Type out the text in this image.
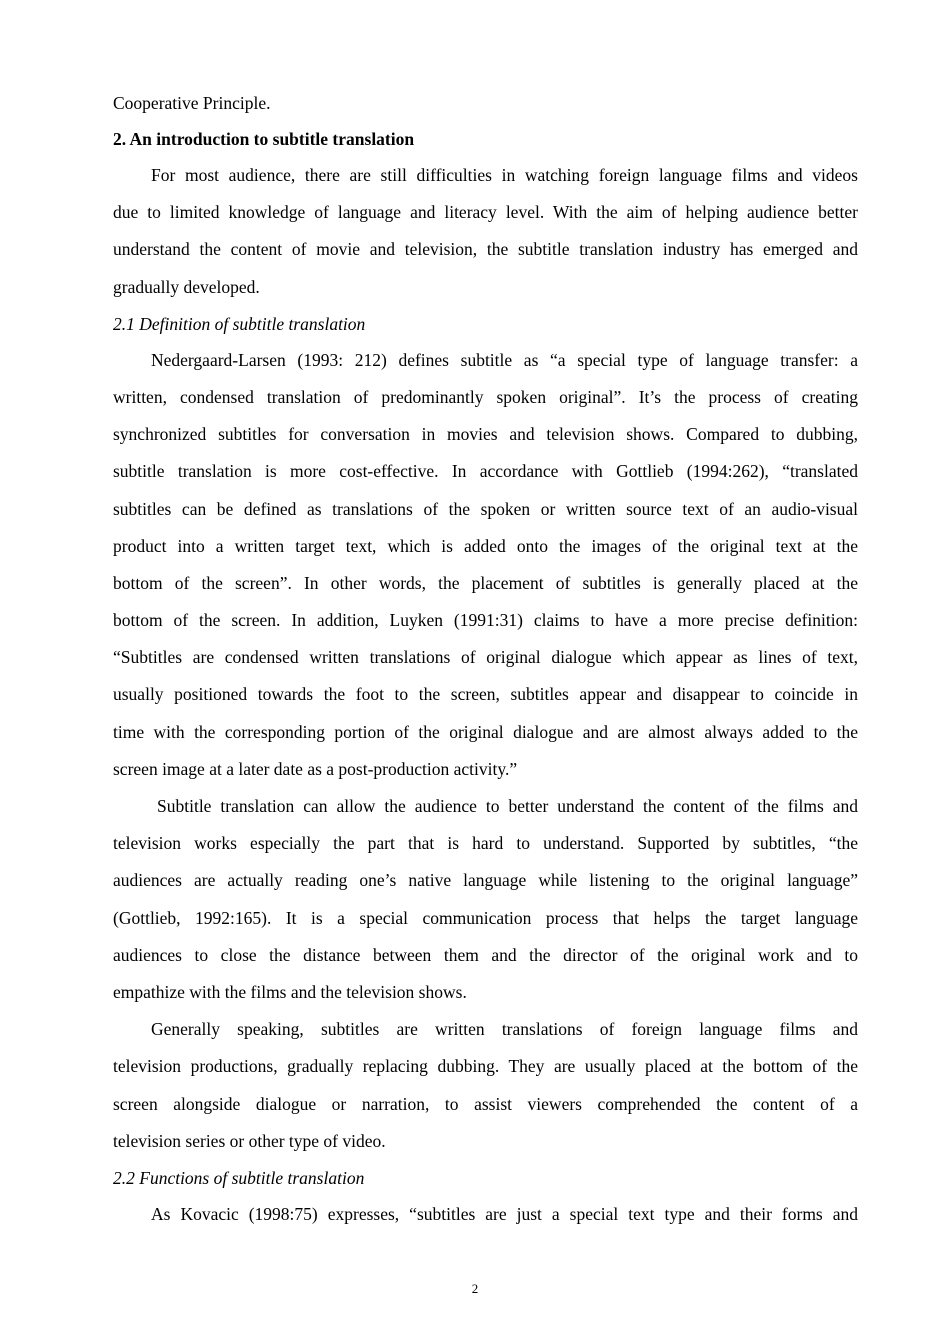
Cooperative Principle.
2. An introduction to subtitle translation
For most audience, there are still difficulties in watching foreign language films and videos
due to limited knowledge of language and literacy level. With the aim of helping audience better
understand the content of movie and television, the subtitle translation industry has emerged and
gradually developed.
2.1 Definition of subtitle translation
Nedergaard-Larsen (1993: 212) defines subtitle as “a special type of language transfer: a
written, condensed translation of predominantly spoken original”. It’s the process of creating
synchronized subtitles for conversation in movies and television shows. Compared to dubbing,
subtitle translation is more cost-effective. In accordance with Gottlieb (1994:262), “translated
subtitles can be defined as translations of the spoken or written source text of an audio-visual
product into a written target text, which is added onto the images of the original text at the
bottom of the screen”. In other words, the placement of subtitles is generally placed at the
bottom of the screen. In addition, Luyken (1991:31) claims to have a more precise definition:
“Subtitles are condensed written translations of original dialogue which appear as lines of text,
usually positioned towards the foot to the screen, subtitles appear and disappear to coincide in
time with the corresponding portion of the original dialogue and are almost always added to the
screen image at a later date as a post-production activity.”
Subtitle translation can allow the audience to better understand the content of the films and
television works especially the part that is hard to understand. Supported by subtitles, “the
audiences are actually reading one’s native language while listening to the original language”
(Gottlieb, 1992:165). It is a special communication process that helps the target language
audiences to close the distance between them and the director of the original work and to
empathize with the films and the television shows.
Generally speaking, subtitles are written translations of foreign language films and
television productions, gradually replacing dubbing. They are usually placed at the bottom of the
screen alongside dialogue or narration, to assist viewers comprehended the content of a
television series or other type of video.
2.2 Functions of subtitle translation
As Kovacic (1998:75) expresses, “subtitles are just a special text type and their forms and
2
